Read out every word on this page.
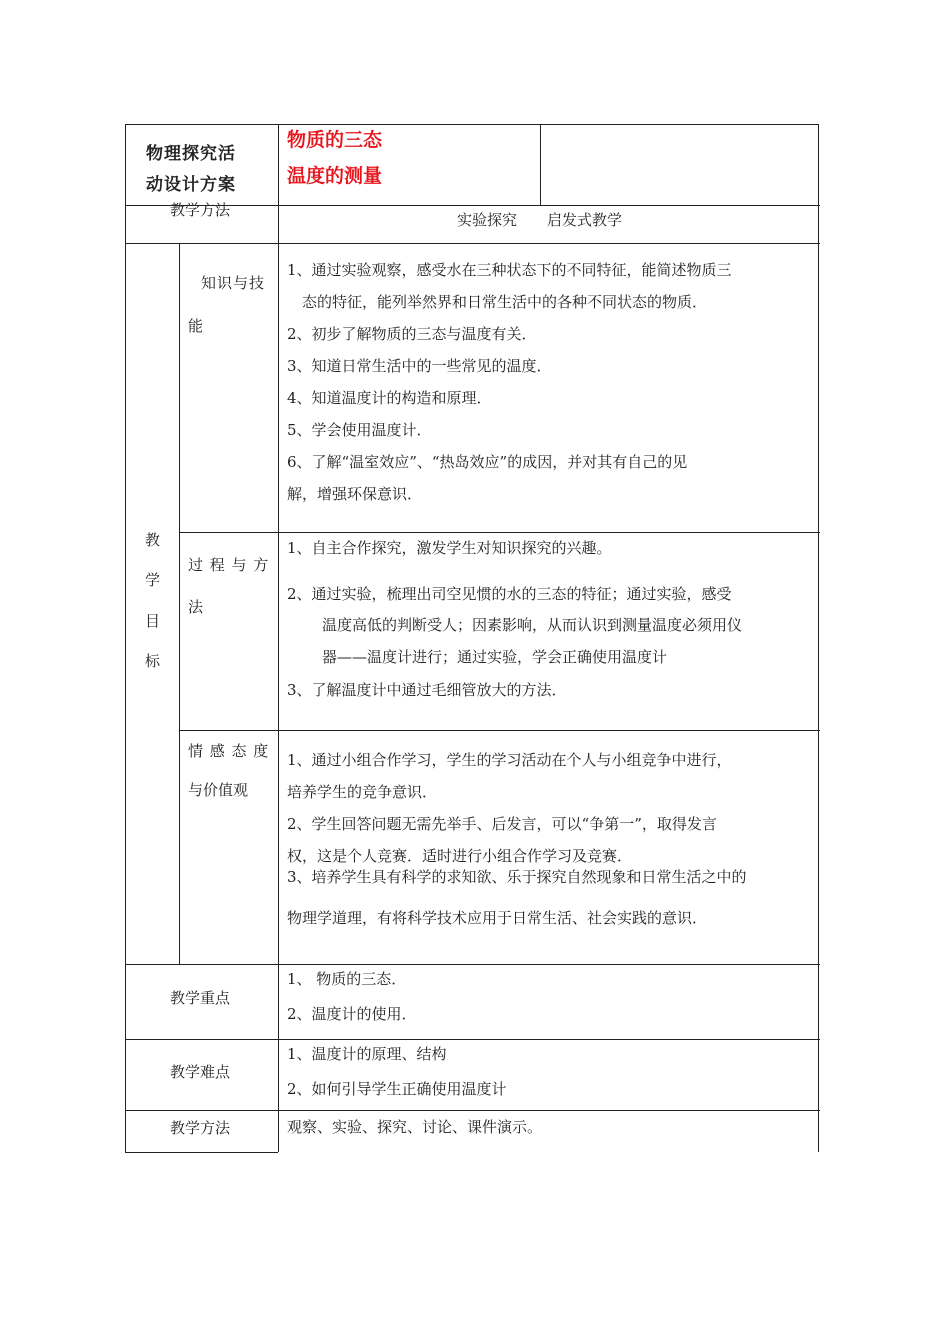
物理探究活
动设计方案
物质的三态
温度的测量
教学方法
实验探究　　启发式教学
教
学
目
标
知识与技
能
1、通过实验观察，感受水在三种状态下的不同特征，能简述物质三
　态的特征，能列举然界和日常生活中的各种不同状态的物质．
2、初步了解物质的三态与温度有关．
3、知道日常生活中的一些常见的温度．
4、知道温度计的构造和原理．
5、学会使用温度计．
6、了解“温室效应”、“热岛效应”的成因，并对其有自己的见
解，增强环保意识．
过 程 与 方
法
1、自主合作探究，激发学生对知识探究的兴趣。
2、通过实验，梳理出司空见惯的水的三态的特征；通过实验，感受
温度高低的判断受人；因素影响，从而认识到测量温度必须用仪
器——温度计进行；通过实验，学会正确使用温度计
3、了解温度计中通过毛细管放大的方法．
情 感 态 度
与价值观
1、通过小组合作学习，学生的学习活动在个人与小组竞争中进行，
培养学生的竞争意识．
2、学生回答问题无需先举手、后发言，可以“争第一”，取得发言
权，这是个人竞赛．适时进行小组合作学习及竞赛．
3、培养学生具有科学的求知欲、乐于探究自然现象和日常生活之中的
物理学道理，有将科学技术应用于日常生活、社会实践的意识．
教学重点
1、 物质的三态．
2、温度计的使用．
教学难点
1、温度计的原理、结构
2、如何引导学生正确使用温度计
教学方法	观察、实验、探究、讨论、课件演示。
